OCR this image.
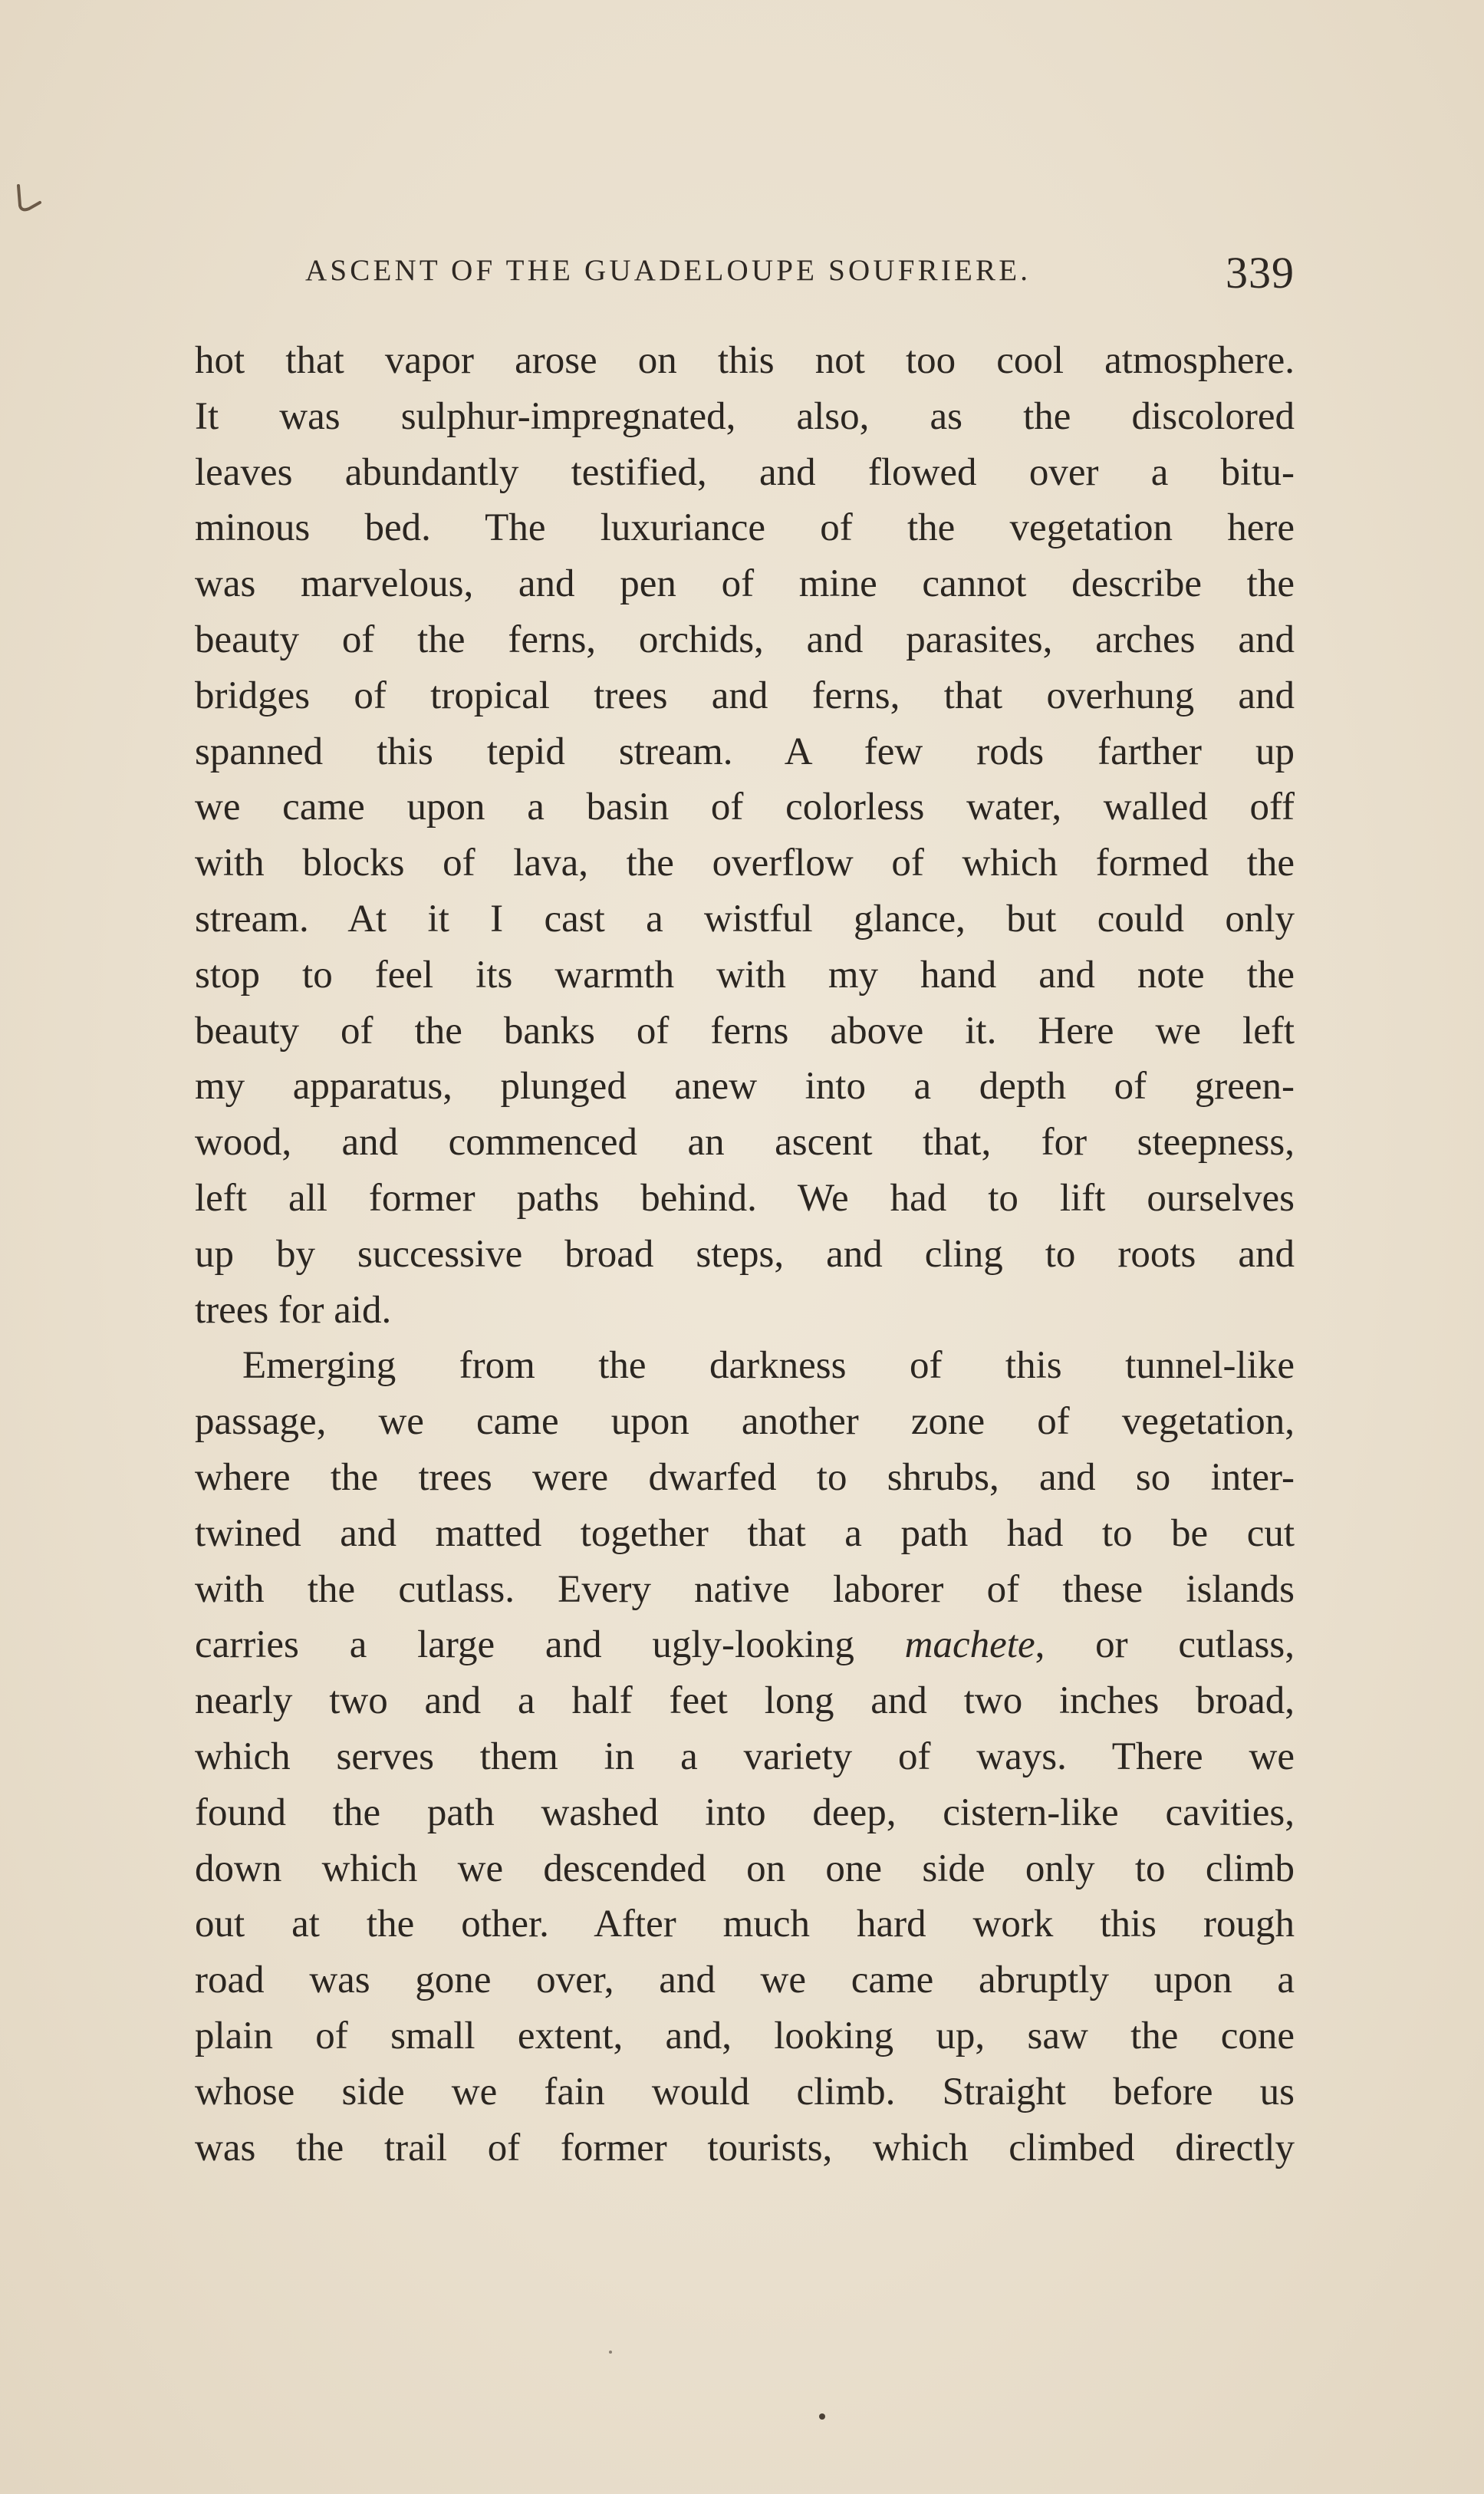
ASCENT OF THE GUADELOUPE SOUFRIERE.	339
hot that vapor arose on this not too cool atmosphere.
It was sulphur-impregnated, also, as the discolored
leaves abundantly testified, and flowed over a bitu-
minous bed. The luxuriance of the vegetation here
was marvelous, and pen of mine cannot describe the
beauty of the ferns, orchids, and parasites, arches and
bridges of tropical trees and ferns, that overhung and
spanned this tepid stream. A few rods farther up
we came upon a basin of colorless water, walled off
with blocks of lava, the overflow of which formed the
stream. At it I cast a wistful glance, but could only
stop to feel its warmth with my hand and note the
beauty of the banks of ferns above it. Here we left
my apparatus, plunged anew into a depth of green-
wood, and commenced an ascent that, for steepness,
left all former paths behind. We had to lift ourselves
up by successive broad steps, and cling to roots and
trees for aid.
Emerging from the darkness of this tunnel-like
passage, we came upon another zone of vegetation,
where the trees were dwarfed to shrubs, and so inter-
twined and matted together that a path had to be cut
with the cutlass. Every native laborer of these islands
carries a large and ugly-looking machete, or cutlass,
nearly two and a half feet long and two inches broad,
which serves them in a variety of ways. There we
found the path washed into deep, cistern-like cavities,
down which we descended on one side only to climb
out at the other. After much hard work this rough
road was gone over, and we came abruptly upon a
plain of small extent, and, looking up, saw the cone
whose side we fain would climb. Straight before us
was the trail of former tourists, which climbed directly
